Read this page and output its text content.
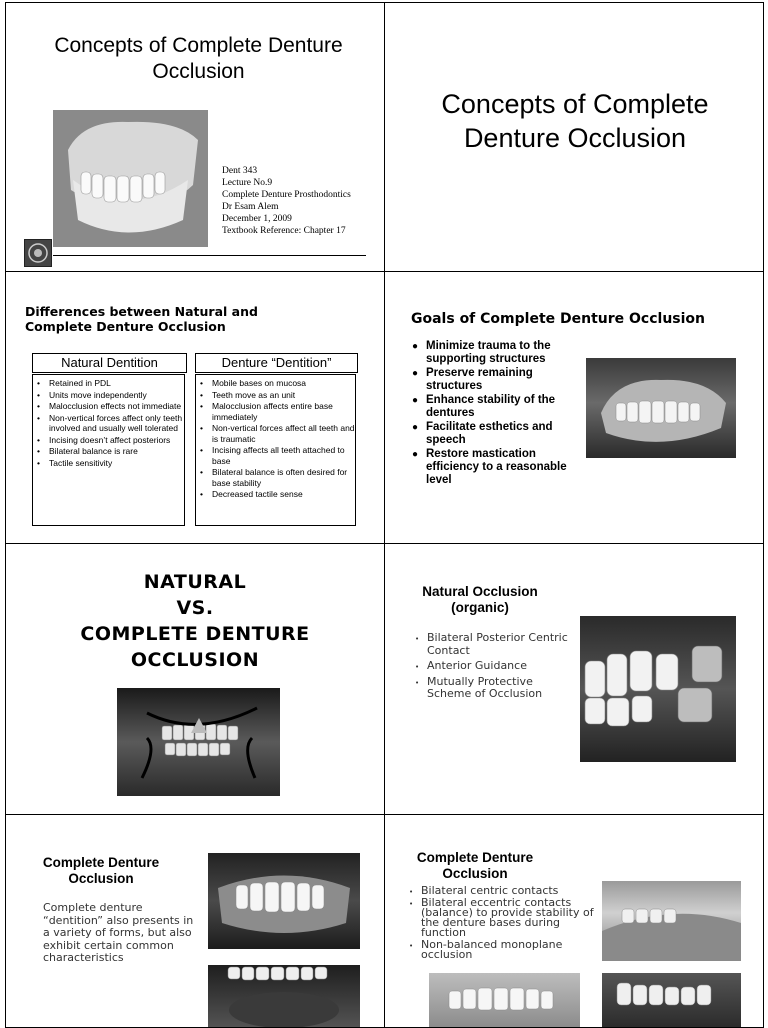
Concepts of Complete Denture Occlusion
Dent 343
Lecture No.9
Complete Denture Prosthodontics
Dr Esam Alem
December 1, 2009
Textbook Reference: Chapter 17
Concepts of Complete Denture Occlusion
Differences between Natural and Complete Denture Occlusion
Natural Dentition
• Retained in PDL
• Units move independently
• Malocclusion effects not immediate
• Non-vertical forces affect only teeth involved and usually well tolerated
• Incising doesn’t affect posteriors
• Bilateral balance is rare
• Tactile sensitivity
Denture “Dentition”
• Mobile bases on mucosa
• Teeth move as an unit
• Malocclusion affects entire base immediately
• Non-vertical forces affect all teeth and is traumatic
• Incising affects all teeth attached to base
• Bilateral balance is often desired for base stability
• Decreased tactile sense
Goals of Complete Denture Occlusion
● Minimize trauma to the supporting structures
● Preserve remaining structures
● Enhance stability of the dentures
● Facilitate esthetics and speech
● Restore mastication efficiency to a reasonable level
NATURAL
VS.
COMPLETE DENTURE
OCCLUSION
Natural Occlusion
(organic)
• Bilateral Posterior Centric Contact
• Anterior Guidance
• Mutually Protective Scheme of Occlusion
Complete Denture
Occlusion
Complete denture “dentition” also presents in a variety of forms, but also exhibit certain common characteristics
Complete Denture
Occlusion
• Bilateral centric contacts
• Bilateral eccentric contacts (balance) to provide stability of the denture bases during function
• Non-balanced monoplane occlusion
